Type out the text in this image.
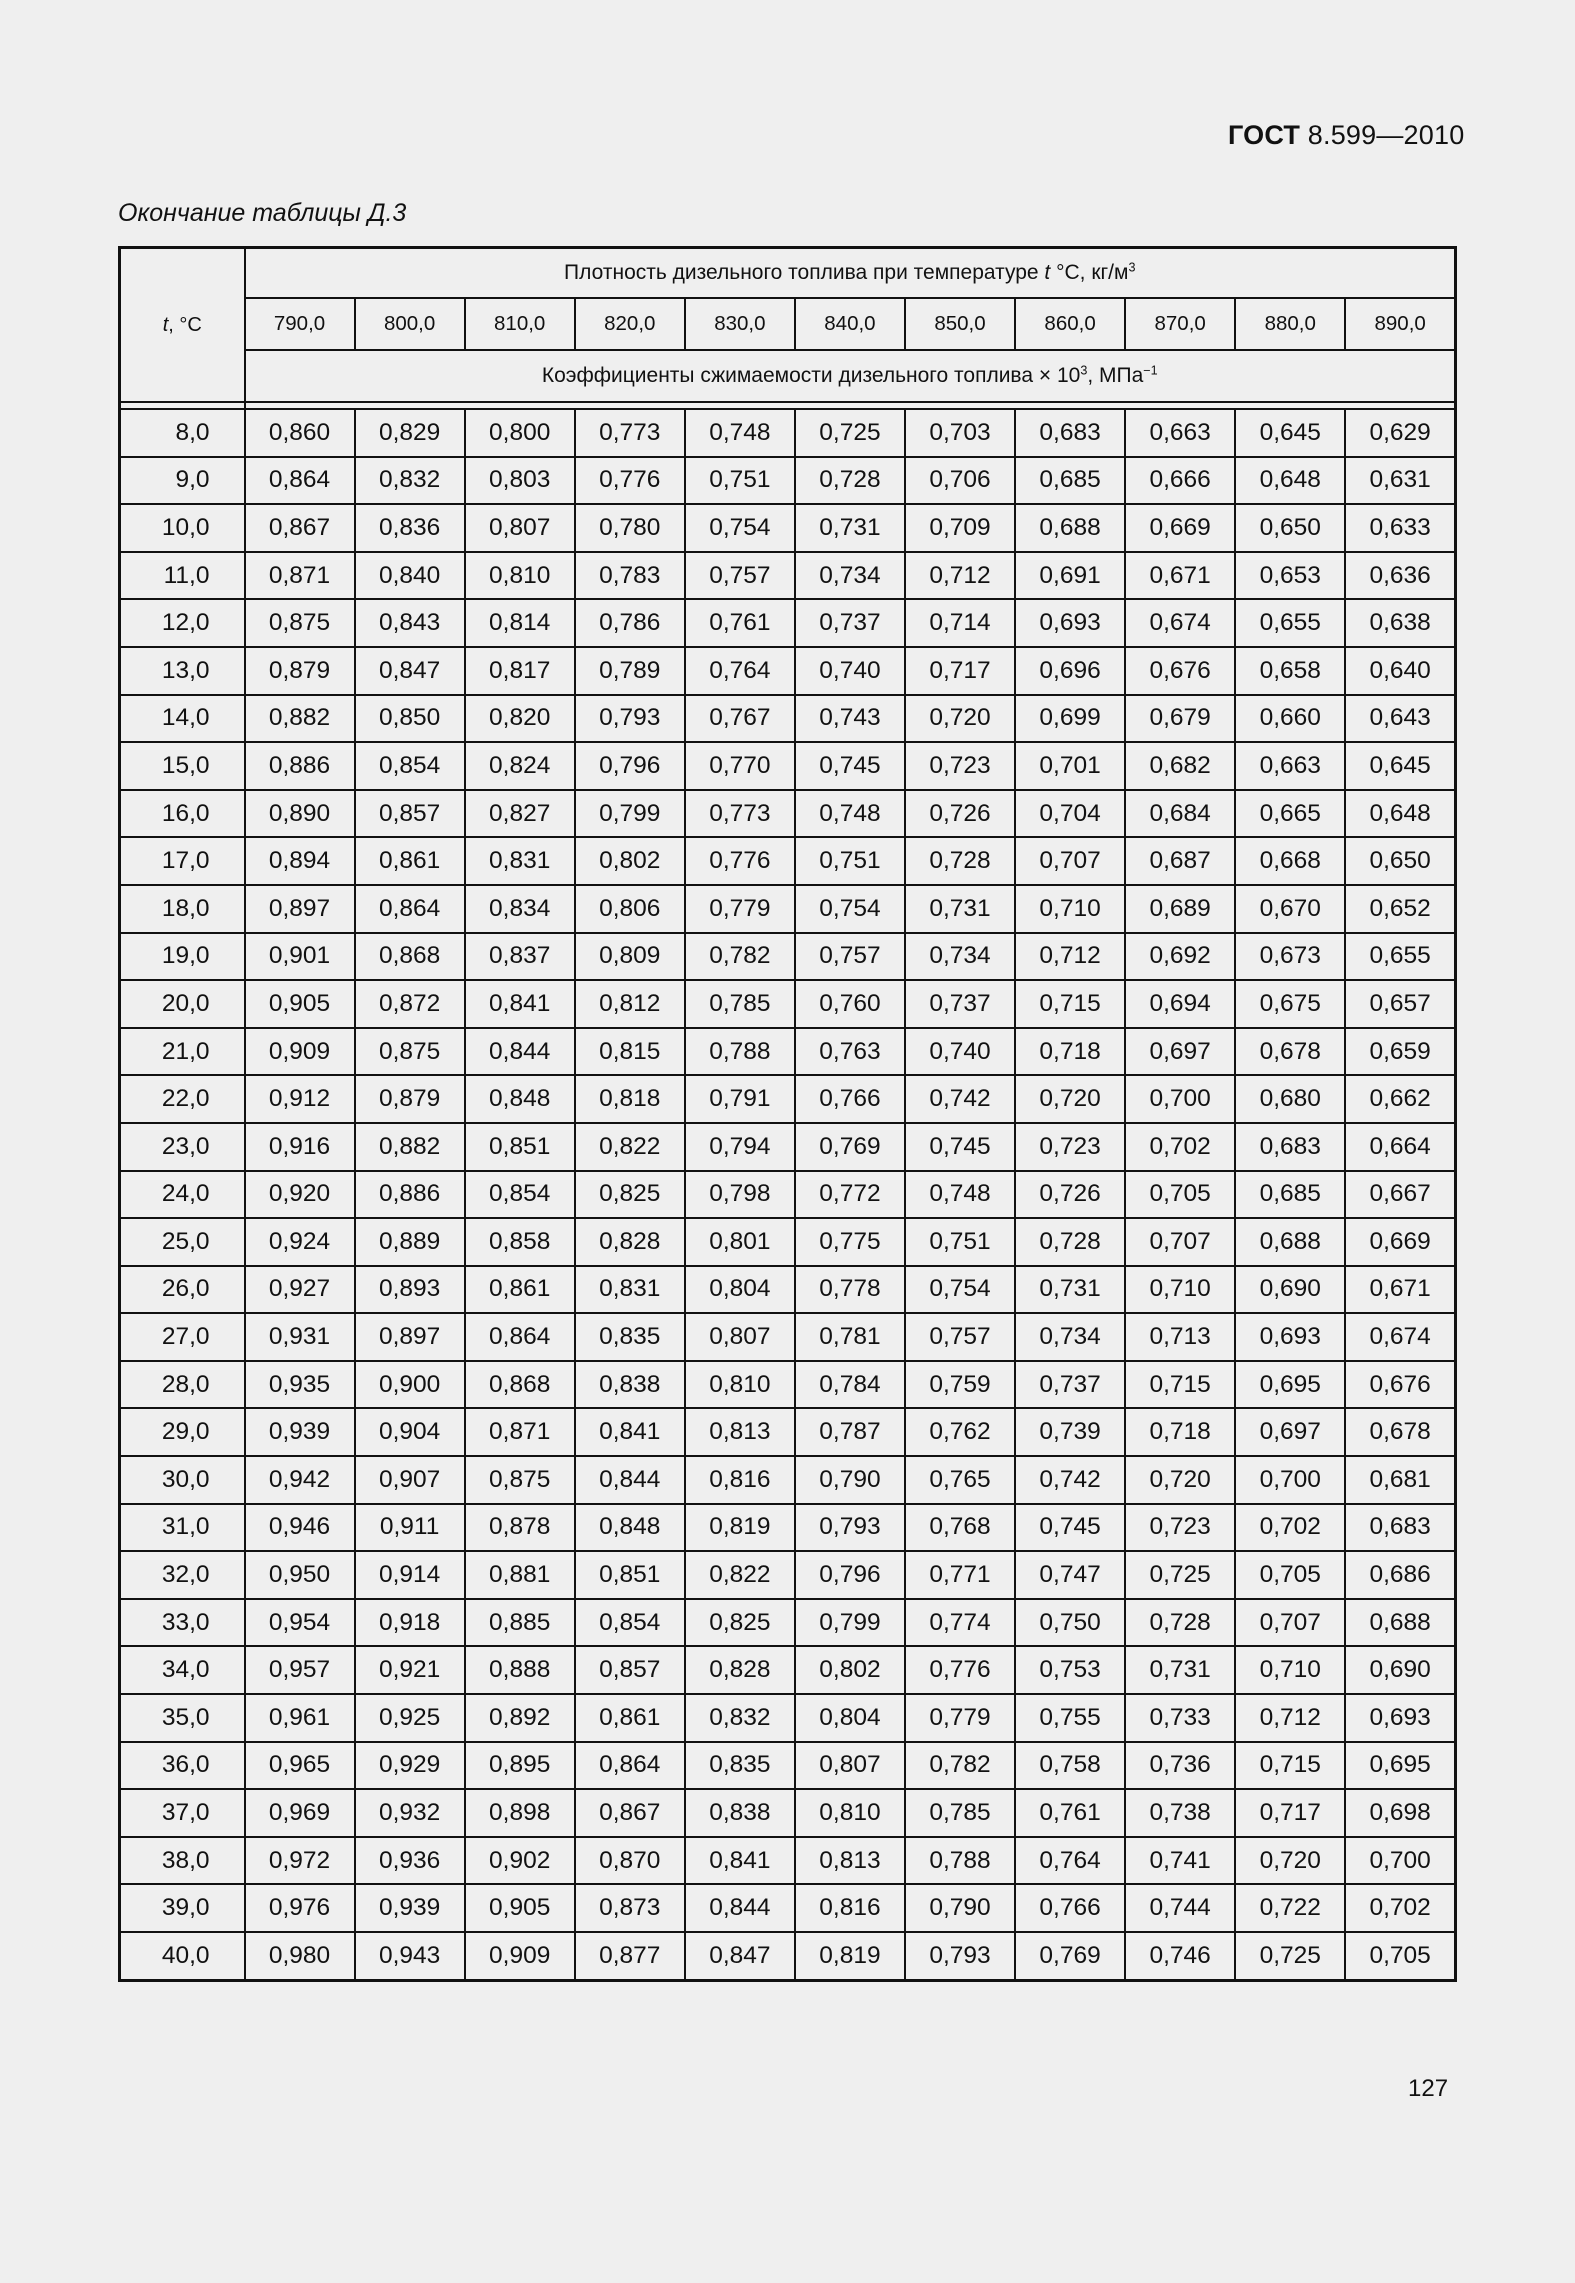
ГОСТ 8.599—2010
Окончание таблицы Д.3
t, °C	Плотность дизельного топлива при температуре t °C, $кг/м^3$
	790,0	800,0	810,0	820,0	830,0	840,0	850,0	860,0	870,0	880,0	890,0
	Коэффициенты сжимаемости дизельного топлива × $10^3$, МПа$^{-1}$

8,0	0,860	0,829	0,800	0,773	0,748	0,725	0,703	0,683	0,663	0,645	0,629
9,0	0,864	0,832	0,803	0,776	0,751	0,728	0,706	0,685	0,666	0,648	0,631
10,0	0,867	0,836	0,807	0,780	0,754	0,731	0,709	0,688	0,669	0,650	0,633
11,0	0,871	0,840	0,810	0,783	0,757	0,734	0,712	0,691	0,671	0,653	0,636
12,0	0,875	0,843	0,814	0,786	0,761	0,737	0,714	0,693	0,674	0,655	0,638
13,0	0,879	0,847	0,817	0,789	0,764	0,740	0,717	0,696	0,676	0,658	0,640
14,0	0,882	0,850	0,820	0,793	0,767	0,743	0,720	0,699	0,679	0,660	0,643
15,0	0,886	0,854	0,824	0,796	0,770	0,745	0,723	0,701	0,682	0,663	0,645
16,0	0,890	0,857	0,827	0,799	0,773	0,748	0,726	0,704	0,684	0,665	0,648
17,0	0,894	0,861	0,831	0,802	0,776	0,751	0,728	0,707	0,687	0,668	0,650
18,0	0,897	0,864	0,834	0,806	0,779	0,754	0,731	0,710	0,689	0,670	0,652
19,0	0,901	0,868	0,837	0,809	0,782	0,757	0,734	0,712	0,692	0,673	0,655
20,0	0,905	0,872	0,841	0,812	0,785	0,760	0,737	0,715	0,694	0,675	0,657
21,0	0,909	0,875	0,844	0,815	0,788	0,763	0,740	0,718	0,697	0,678	0,659
22,0	0,912	0,879	0,848	0,818	0,791	0,766	0,742	0,720	0,700	0,680	0,662
23,0	0,916	0,882	0,851	0,822	0,794	0,769	0,745	0,723	0,702	0,683	0,664
24,0	0,920	0,886	0,854	0,825	0,798	0,772	0,748	0,726	0,705	0,685	0,667
25,0	0,924	0,889	0,858	0,828	0,801	0,775	0,751	0,728	0,707	0,688	0,669
26,0	0,927	0,893	0,861	0,831	0,804	0,778	0,754	0,731	0,710	0,690	0,671
27,0	0,931	0,897	0,864	0,835	0,807	0,781	0,757	0,734	0,713	0,693	0,674
28,0	0,935	0,900	0,868	0,838	0,810	0,784	0,759	0,737	0,715	0,695	0,676
29,0	0,939	0,904	0,871	0,841	0,813	0,787	0,762	0,739	0,718	0,697	0,678
30,0	0,942	0,907	0,875	0,844	0,816	0,790	0,765	0,742	0,720	0,700	0,681
31,0	0,946	0,911	0,878	0,848	0,819	0,793	0,768	0,745	0,723	0,702	0,683
32,0	0,950	0,914	0,881	0,851	0,822	0,796	0,771	0,747	0,725	0,705	0,686
33,0	0,954	0,918	0,885	0,854	0,825	0,799	0,774	0,750	0,728	0,707	0,688
34,0	0,957	0,921	0,888	0,857	0,828	0,802	0,776	0,753	0,731	0,710	0,690
35,0	0,961	0,925	0,892	0,861	0,832	0,804	0,779	0,755	0,733	0,712	0,693
36,0	0,965	0,929	0,895	0,864	0,835	0,807	0,782	0,758	0,736	0,715	0,695
37,0	0,969	0,932	0,898	0,867	0,838	0,810	0,785	0,761	0,738	0,717	0,698
38,0	0,972	0,936	0,902	0,870	0,841	0,813	0,788	0,764	0,741	0,720	0,700
39,0	0,976	0,939	0,905	0,873	0,844	0,816	0,790	0,766	0,744	0,722	0,702
40,0	0,980	0,943	0,909	0,877	0,847	0,819	0,793	0,769	0,746	0,725	0,705
127
